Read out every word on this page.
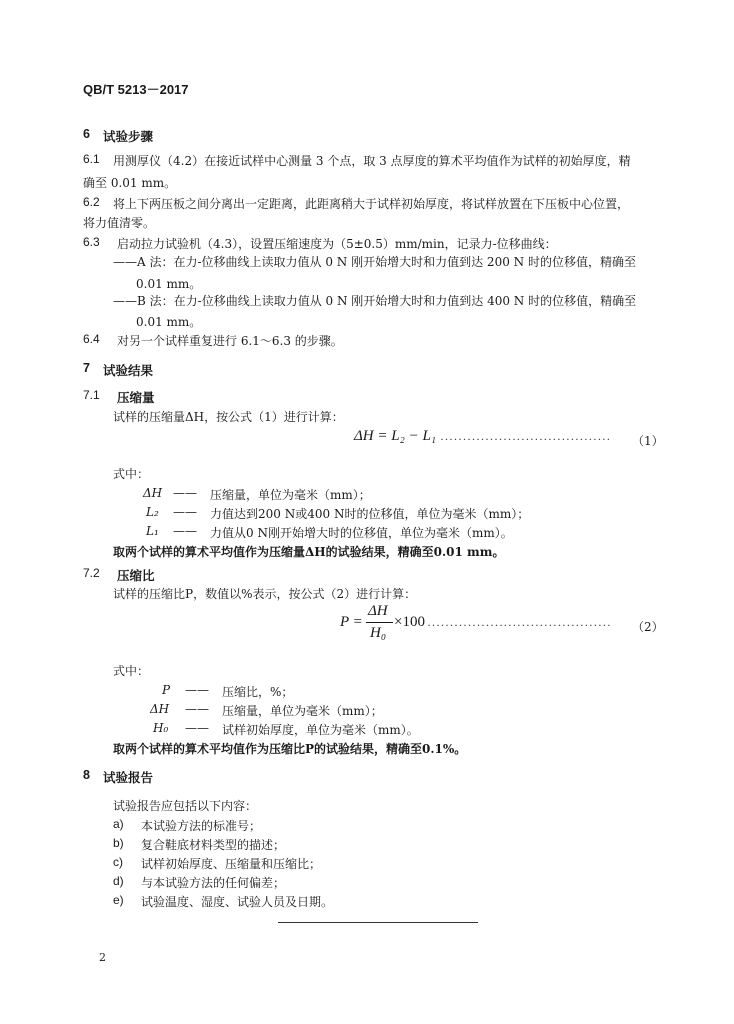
QB/T 5213－2017
6 试验步骤
6.1 用测厚仪（4.2）在接近试样中心测量 3 个点，取 3 点厚度的算术平均值作为试样的初始厚度，精
确至 0.01 mm。
6.2 将上下两压板之间分离出一定距离，此距离稍大于试样初始厚度，将试样放置在下压板中心位置，
将力值清零。
6.3 启动拉力试验机（4.3），设置压缩速度为（5±0.5）mm/min，记录力-位移曲线：
——A 法：在力-位移曲线上读取力值从 0 N 刚开始增大时和力值到达 200 N 时的位移值，精确至
0.01 mm。
——B 法：在力-位移曲线上读取力值从 0 N 刚开始增大时和力值到达 400 N 时的位移值，精确至
0.01 mm。
6.4 对另一个试样重复进行 6.1～6.3 的步骤。
7 试验结果
7.1 压缩量
试样的压缩量ΔH，按公式（1）进行计算：
ΔH = L₂ − L₁ ······································ （1）
式中：
ΔH —— 压缩量，单位为毫米（mm）；
L₂ —— 力值达到200 N或400 N时的位移值，单位为毫米（mm）；
L₁ —— 力值从0 N刚开始增大时的位移值，单位为毫米（mm）。
取两个试样的算术平均值作为压缩量ΔH的试验结果，精确至0.01 mm。
7.2 压缩比
试样的压缩比P，数值以%表示，按公式（2）进行计算：
P =
ΔH
H₀
×100 ········································· （2）
式中：
P —— 压缩比，%；
ΔH —— 压缩量，单位为毫米（mm）；
H₀ —— 试样初始厚度，单位为毫米（mm）。
取两个试样的算术平均值作为压缩比P的试验结果，精确至0.1%。
8 试验报告
试验报告应包括以下内容：
a) 本试验方法的标准号；
b) 复合鞋底材料类型的描述；
c) 试样初始厚度、压缩量和压缩比；
d) 与本试验方法的任何偏差；
e) 试验温度、湿度、试验人员及日期。
2
